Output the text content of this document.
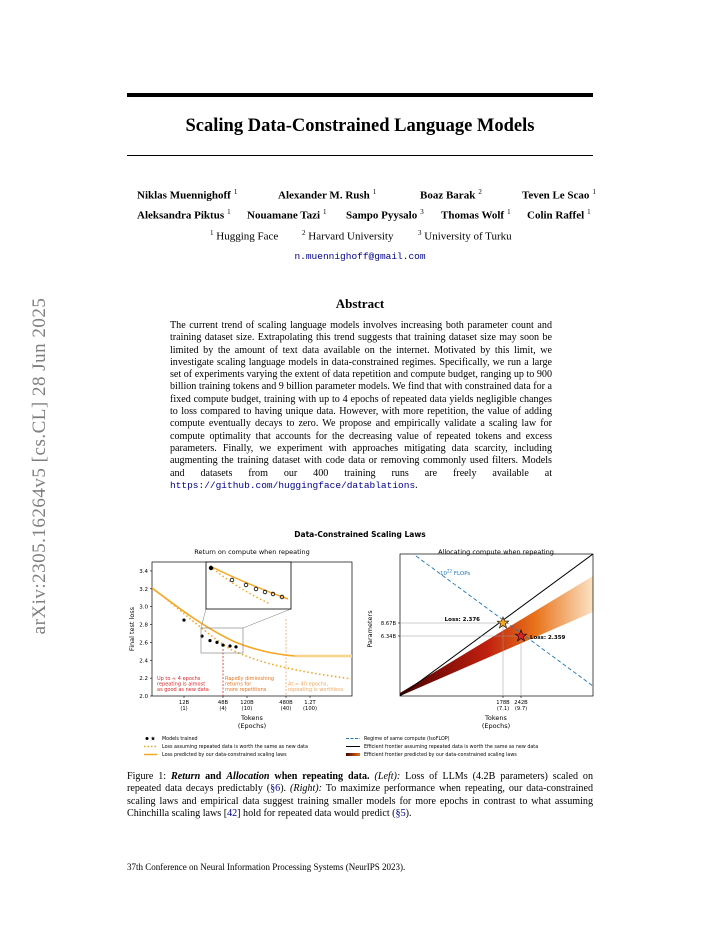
arXiv:2305.16264v5 [cs.CL] 28 Jun 2025
Scaling Data-Constrained Language Models
Niklas Muennighoff $^1$	Alexander M. Rush $^1$	Boaz Barak $^2$	Teven Le Scao $^1$
Aleksandra Piktus $^1$ Nouamane Tazi $^1$ Sampo Pyysalo $^3$ Thomas Wolf $^1$ Colin Raffel $^1$
$^1$ Hugging Face	$^2$ Harvard University	$^3$ University of Turku
n.muennighoff@gmail.com
Abstract
The current trend of scaling language models involves increasing both parameter count and training dataset size. Extrapolating this trend suggests that training dataset size may soon be limited by the amount of text data available on the internet. Motivated by this limit, we investigate scaling language models in data-constrained regimes. Specifically, we run a large set of experiments varying the extent of data repetition and compute budget, ranging up to 900 billion training tokens and 9 billion parameter models. We find that with constrained data for a fixed compute budget, training with up to 4 epochs of repeated data yields negligible changes to loss compared to having unique data. However, with more repetition, the value of adding compute eventually decays to zero. We propose and empirically validate a scaling law for compute optimality that accounts for the decreasing value of repeated tokens and excess parameters. Finally, we experiment with approaches mitigating data scarcity, including augmenting the training dataset with code data or removing commonly used filters. Models and datasets from our 400 training runs are freely available at https://github.com/huggingface/datablations.
Data-Constrained Scaling Laws
Return on compute when repeating
Final test loss
2.0
2.2
2.4
2.6
2.8
3.0
3.2
3.4
12B
(1)
48B
(4)
120B
(10)
480B
(40)
1.2T
(100)
Up to ≈ 4 epochs
repeating is almost
as good as new data
Rapidly diminishing
returns for
more repetitions
At ≈ 40 epochs,
repeating is worthless
Tokens (Epochs)
Allocating compute when repeating
Parameters
$10^{22}$ FLOPs
6.34B
8.67B
178B
(7.1)
242B
(9.7)
Loss: 2.376
Loss: 2.359
Tokens (Epochs)
Models trained
Loss assuming repeated data is worth the same as new data
Loss predicted by our data-constrained scaling laws
Regime of same compute (IsoFLOP)
Efficient frontier assuming repeated data is worth the same as new data
Efficient frontier predicted by our data-constrained scaling laws
Figure 1: Return and Allocation when repeating data. (Left): Loss of LLMs (4.2B parameters) scaled on repeated data decays predictably (§6). (Right): To maximize performance when repeating, our data-constrained scaling laws and empirical data suggest training smaller models for more epochs in contrast to what assuming Chinchilla scaling laws [42] hold for repeated data would predict (§5).
37th Conference on Neural Information Processing Systems (NeurIPS 2023).
